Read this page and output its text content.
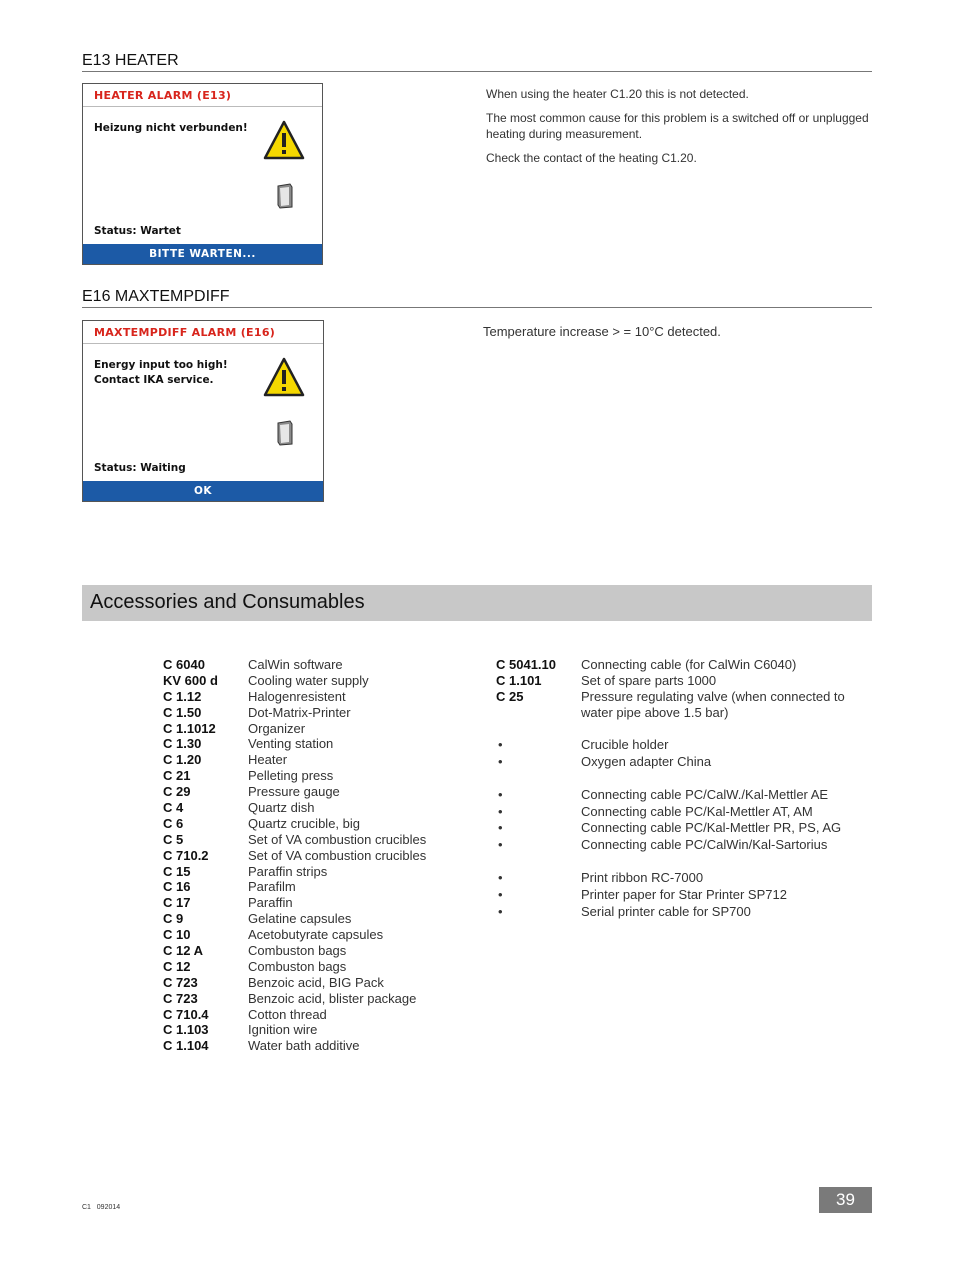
E13 HEATER
HEATER ALARM (E13)
Heizung nicht verbunden!
Status: Wartet
BITTE WARTEN...

When using the heater C1.20 this is not detected.

The most common cause for this problem is a switched off or unplugged heating during measurement.

Check the contact of the heating C1.20.

E16 MAXTEMPDIFF
MAXTEMPDIFF ALARM (E16)
Energy input too high!
Contact IKA service.
Status: Waiting
OK

Temperature increase > = 10°C detected.

Accessories and Consumables
C 6040	CalWin software
KV 600 d	Cooling water supply
C 1.12	Halogenresistent
C 1.50	Dot-Matrix-Printer
C 1.1012	Organizer
C 1.30	Venting station
C 1.20	Heater
C 21	Pelleting press
C 29	Pressure gauge
C 4	Quartz dish
C 6	Quartz crucible, big
C 5	Set of VA combustion crucibles
C 710.2	Set of VA combustion crucibles
C 15	Paraffin strips
C 16	Parafilm
C 17	Paraffin
C 9	Gelatine capsules
C 10	Acetobutyrate capsules
C 12 A	Combuston bags
C 12	Combuston bags
C 723	Benzoic acid, BIG Pack
C 723	Benzoic acid, blister package
C 710.4	Cotton thread
C 1.103	Ignition wire
C 1.104	Water bath additive
C 5041.10	Connecting cable (for CalWin C6040)
C 1.101	Set of spare parts 1000
C 25	Pressure regulating valve (when connected to
water pipe above 1.5 bar)
•	Crucible holder
•	Oxygen adapter China
•	Connecting cable PC/CalW./Kal-Mettler AE
•	Connecting cable PC/Kal-Mettler AT, AM
•	Connecting cable PC/Kal-Mettler PR, PS, AG
•	Connecting cable PC/CalWin/Kal-Sartorius
•	Print ribbon RC-7000
•	Printer paper for Star Printer SP712
•	Serial printer cable for SP700
39
C1   092014
